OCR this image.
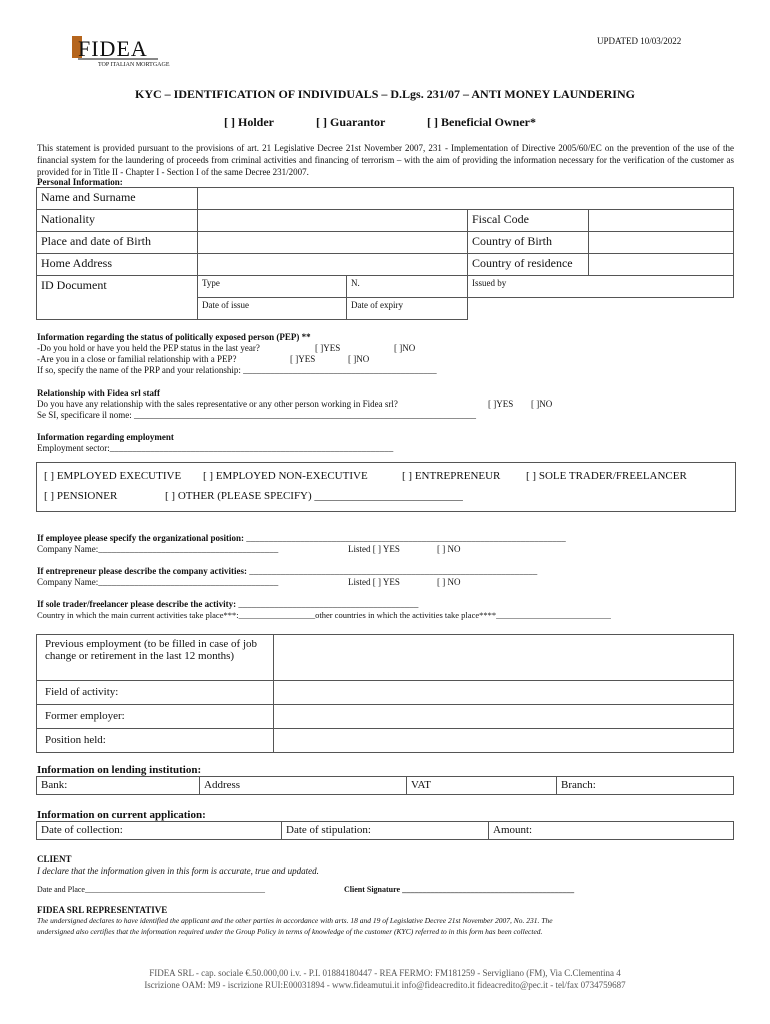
UPDATED 10/03/2022
FIDEA
TOP ITALIAN MORTGAGE
KYC – IDENTIFICATION OF INDIVIDUALS – D.Lgs. 231/07 – ANTI MONEY LAUNDERING
[ ] Holder	[ ] Guarantor	[ ] Beneficial Owner*
This statement is provided pursuant to the provisions of art. 21 Legislative Decree 21st November 2007, 231 - Implementation of Directive 2005/60/EC on the prevention of the use of the financial system for the laundering of proceeds from criminal activities and financing of terrorism – with the aim of providing the information necessary for the verification of the customer as provided for in Title II - Chapter I - Section I of the same Decree 231/2007.
Personal Information:
Name and Surname				
Nationality			Fiscal Code	
Place and date of Birth			Country of Birth	
Home Address			Country of residence	
ID Document	Type	N.	Issued by	
	Date of issue	Date of expiry		
Information regarding the status of politically exposed person (PEP) **
-Do you hold or have you held the PEP status in the last year?	[ ]YES	[ ]NO
-Are you in a close or familial relationship with a PEP?	[ ]YES	[ ]NO
If so, specify the name of the PRP and your relationship: ___________________________________________
Relationship with Fidea srl staff
Do you have any relationship with the sales representative or any other person working in Fidea srl?	[ ]YES [ ]NO
Se SI, specificare il nome: ____________________________________________________________________________
Information regarding employment
Employment sector:_______________________________________________________________
[ ] EMPLOYED EXECUTIVE [ ] EMPLOYED NON-EXECUTIVE	[ ] ENTREPRENEUR [ ] SOLE TRADER/FREELANCER
[ ] PENSIONER	[ ] OTHER (PLEASE SPECIFY) ___________________________
If employee please specify the organizational position: _______________________________________________________________________
Company Name:________________________________________	Listed [ ] YES	[ ] NO
If entrepreneur please describe the company activities: ________________________________________________________________
Company Name:________________________________________	Listed [ ] YES	[ ] NO
If sole trader/freelancer please describe the activity: ________________________________________
Country in which the main current activities take place***:__________________other countries in which the activities take place****___________________________
Previous employment (to be filled in case of job change or retirement in the last 12 months)	
Field of activity:	
Former employer:	
Position held:	
Information on lending institution:
Bank:	Address	VAT	Branch:
Information on current application:
Date of collection:	Date of stipulation:	Amount:
CLIENT
I declare that the information given in this form is accurate, true and updated.
Date and Place_____________________________________________	Client Signature ___________________________________________
FIDEA SRL REPRESENTATIVE
The undersigned declares to have identified the applicant and the other parties in accordance with arts. 18 and 19 of Legislative Decree 21st November 2007, No. 231. The
undersigned also certifies that the information required under the Group Policy in terms of knowledge of the customer (KYC) referred to in this form has been collected.
FIDEA SRL - cap. sociale €.50.000,00 i.v. - P.I. 01884180447 - REA FERMO: FM181259 - Servigliano (FM), Via C.Clementina 4
Iscrizione OAM: M9 - iscrizione RUI:E00031894 - www.fideamutui.it info@fideacredito.it fideacredito@pec.it - tel/fax 0734759687
